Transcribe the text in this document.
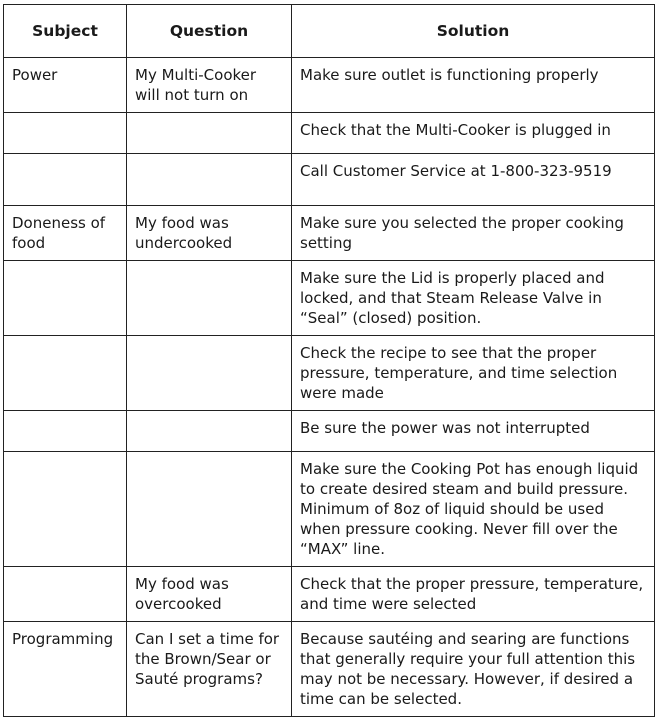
Subject	Question	Solution

Power	My Multi-Cooker will not turn on	Make sure outlet is functioning properly

		Check that the Multi-Cooker is plugged in

		Call Customer Service at 1-800-323-9519

Doneness of food	My food was undercooked	Make sure you selected the proper cooking setting

		Make sure the Lid is properly placed and locked, and that Steam Release Valve in “Seal” (closed) position.

		Check the recipe to see that the proper pressure, temperature, and time selection were made

		Be sure the power was not interrupted

		Make sure the Cooking Pot has enough liquid to create desired steam and build pressure. Minimum of 8oz of liquid should be used when pressure cooking. Never fill over the “MAX” line.

	My food was overcooked	Check that the proper pressure, temperature, and time were selected

Programming	Can I set a time for the Brown/Sear or Sauté programs?	Because sautéing and searing are functions that generally require your full attention this may not be necessary. However, if desired a time can be selected.
